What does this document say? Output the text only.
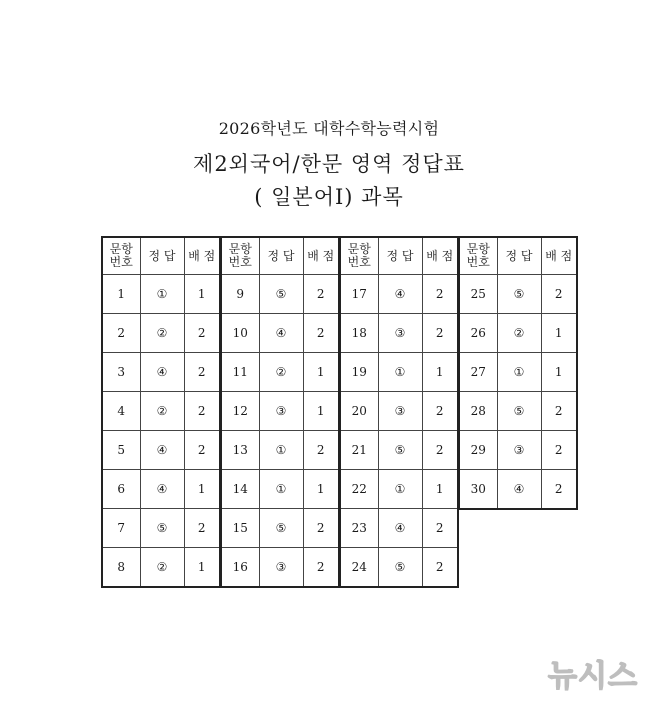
2026학년도 대학수학능력시험
제2외국어/한문 영역 정답표
( 일본어Ⅰ) 과목
문항
번호	정 답	배 점
1	①	1
2	②	2
3	④	2
4	②	2
5	④	2
6	④	1
7	⑤	2
8	②	1
문항
번호	정 답	배 점
9	⑤	2
10	④	2
11	②	1
12	③	1
13	①	2
14	①	1
15	⑤	2
16	③	2
문항
번호	정 답	배 점
17	④	2
18	③	2
19	①	1
20	③	2
21	⑤	2
22	①	1
23	④	2
24	⑤	2
문항
번호	정 답	배 점
25	⑤	2
26	②	1
27	①	1
28	⑤	2
29	③	2
30	④	2
뉴시스
